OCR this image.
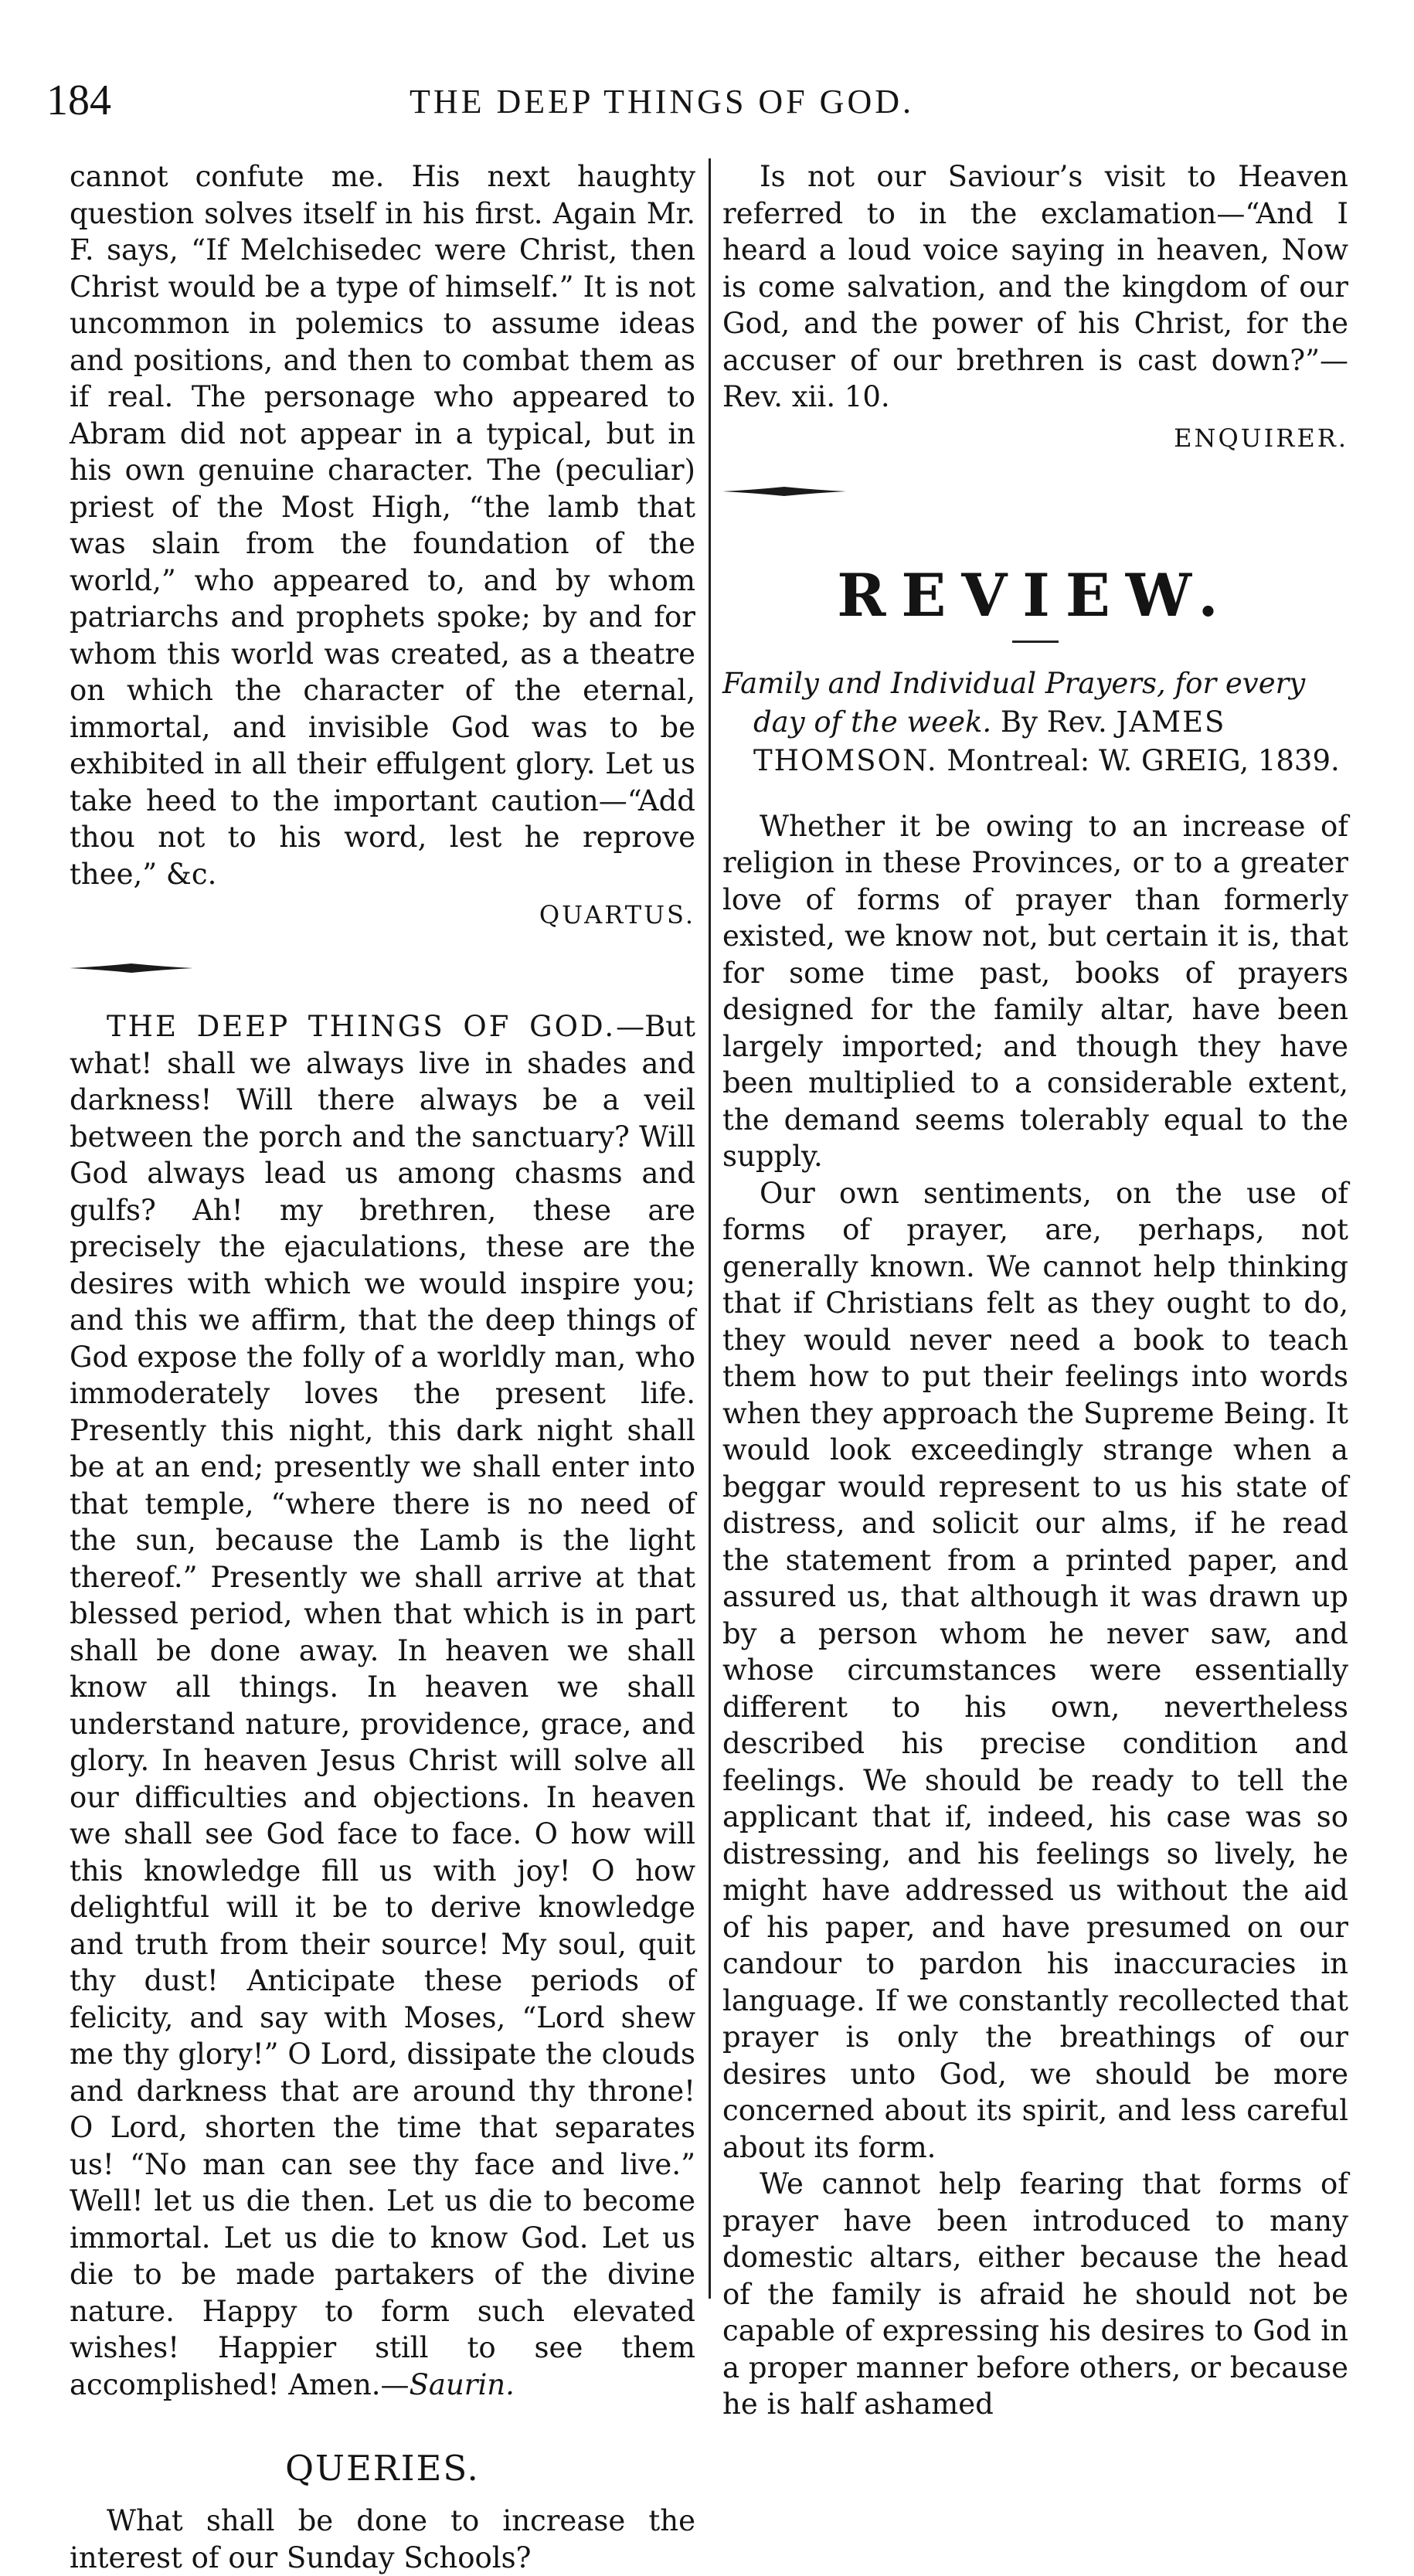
184	THE DEEP THINGS OF GOD.

cannot confute me. His next haughty question solves itself in his first. Again Mr. F. says, “If Melchisedec were Christ, then Christ would be a type of himself.” It is not uncommon in polemics to assume ideas and positions, and then to combat them as if real. The personage who appeared to Abram did not appear in a typical, but in his own genuine character. The (peculiar) priest of the Most High, “the lamb that was slain from the foundation of the world,” who appeared to, and by whom patriarchs and prophets spoke; by and for whom this world was created, as a theatre on which the character of the eternal, immortal, and invisible God was to be exhibited in all their effulgent glory. Let us take heed to the important caution—“Add thou not to his word, lest he reprove thee,” &c.

QUARTUS.

THE DEEP THINGS OF GOD.—But what! shall we always live in shades and darkness! Will there always be a veil between the porch and the sanctuary? Will God always lead us among chasms and gulfs? Ah! my brethren, these are precisely the ejaculations, these are the desires with which we would inspire you; and this we affirm, that the deep things of God expose the folly of a worldly man, who immoderately loves the present life. Presently this night, this dark night shall be at an end; presently we shall enter into that temple, “where there is no need of the sun, because the Lamb is the light thereof.” Presently we shall arrive at that blessed period, when that which is in part shall be done away. In heaven we shall know all things. In heaven we shall understand nature, providence, grace, and glory. In heaven Jesus Christ will solve all our difficulties and objections. In heaven we shall see God face to face. O how will this knowledge fill us with joy! O how delightful will it be to derive knowledge and truth from their source! My soul, quit thy dust! Anticipate these periods of felicity, and say with Moses, “Lord shew me thy glory!” O Lord, dissipate the clouds and darkness that are around thy throne! O Lord, shorten the time that separates us! “No man can see thy face and live.” Well! let us die then. Let us die to become immortal. Let us die to know God. Let us die to be made partakers of the divine nature. Happy to form such elevated wishes! Happier still to see them accomplished! Amen.—Saurin.

QUERIES.

What shall be done to increase the interest of our Sunday Schools?

Is not our Saviour’s visit to Heaven referred to in the exclamation—“And I heard a loud voice saying in heaven, Now is come salvation, and the kingdom of our God, and the power of his Christ, for the accuser of our brethren is cast down?”—Rev. xii. 10.

ENQUIRER.

REVIEW.

Family and Individual Prayers, for every day of the week. By Rev. JAMES THOMSON. Montreal: W. GREIG, 1839.

Whether it be owing to an increase of religion in these Provinces, or to a greater love of forms of prayer than formerly existed, we know not, but certain it is, that for some time past, books of prayers designed for the family altar, have been largely imported; and though they have been multiplied to a considerable extent, the demand seems tolerably equal to the supply.

Our own sentiments, on the use of forms of prayer, are, perhaps, not generally known. We cannot help thinking that if Christians felt as they ought to do, they would never need a book to teach them how to put their feelings into words when they approach the Supreme Being. It would look exceedingly strange when a beggar would represent to us his state of distress, and solicit our alms, if he read the statement from a printed paper, and assured us, that although it was drawn up by a person whom he never saw, and whose circumstances were essentially different to his own, nevertheless described his precise condition and feelings. We should be ready to tell the applicant that if, indeed, his case was so distressing, and his feelings so lively, he might have addressed us without the aid of his paper, and have presumed on our candour to pardon his inaccuracies in language. If we constantly recollected that prayer is only the breathings of our desires unto God, we should be more concerned about its spirit, and less careful about its form.

We cannot help fearing that forms of prayer have been introduced to many domestic altars, either because the head of the family is afraid he should not be capable of expressing his desires to God in a proper manner before others, or because he is half ashamed
